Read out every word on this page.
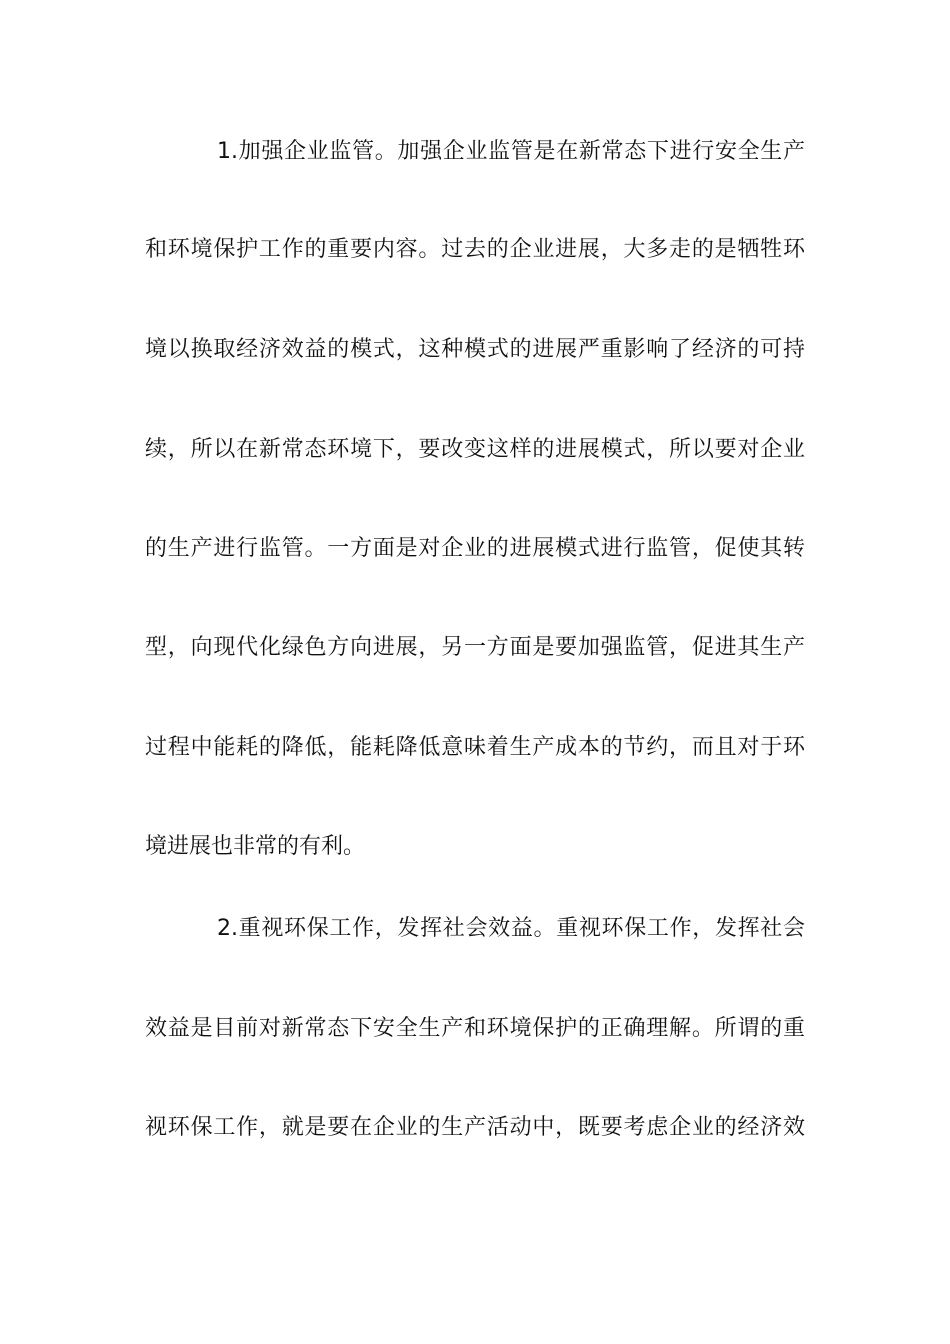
1.加强企业监管。加强企业监管是在新常态下进行安全生产
和环境保护工作的重要内容。过去的企业进展，大多走的是牺牲环
境以换取经济效益的模式，这种模式的进展严重影响了经济的可持
续，所以在新常态环境下，要改变这样的进展模式，所以要对企业
的生产进行监管。一方面是对企业的进展模式进行监管，促使其转
型，向现代化绿色方向进展，另一方面是要加强监管，促进其生产
过程中能耗的降低，能耗降低意味着生产成本的节约，而且对于环
境进展也非常的有利。
2.重视环保工作，发挥社会效益。重视环保工作，发挥社会
效益是目前对新常态下安全生产和环境保护的正确理解。所谓的重
视环保工作，就是要在企业的生产活动中，既要考虑企业的经济效
